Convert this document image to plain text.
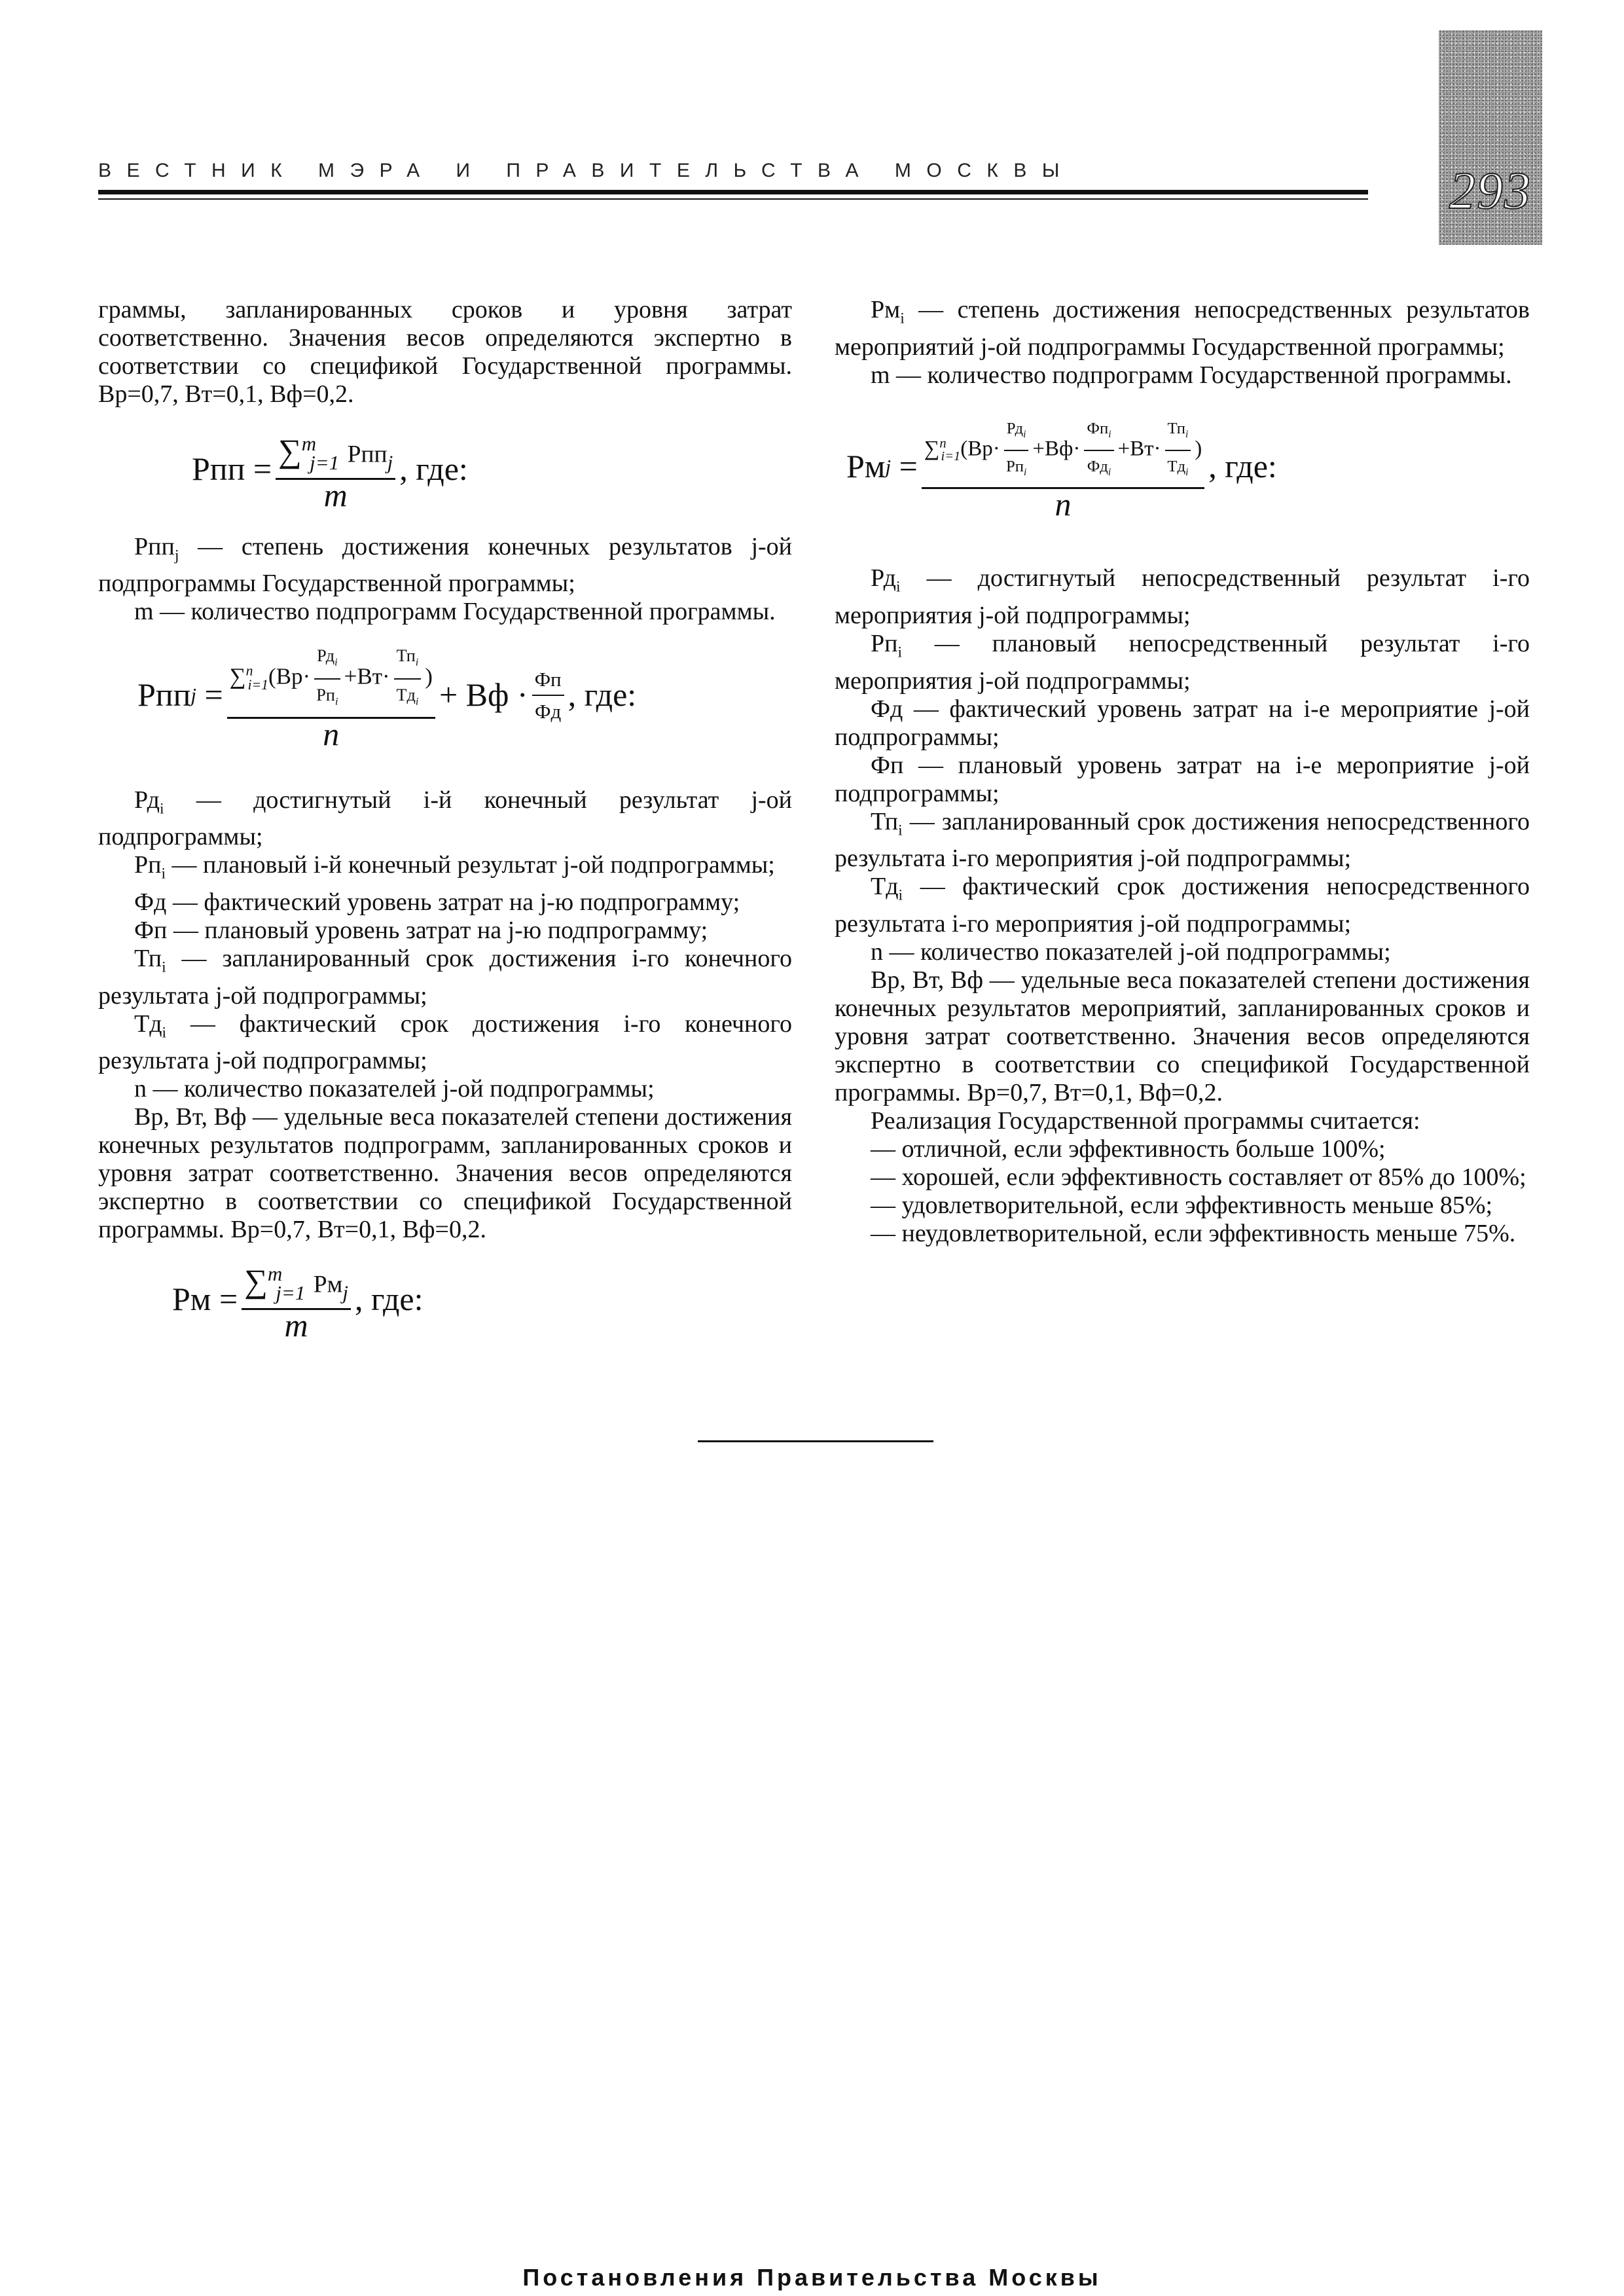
ВЕСТНИК МЭРА И ПРАВИТЕЛЬСТВА МОСКВЫ	293

граммы, запланированных сроков и уровня затрат соответственно. Значения весов определяются экспертно в соответствии со спецификой Государственной программы. Вр=0,7, Вт=0,1, Вф=0,2.

Рпп
= $\frac{\sum^m_{j=1} Рпп_j}{m}$ , где:

Рпп$_j$ — степень достижения конечных результатов j-ой подпрограммы Государственной программы;

m — количество подпрограмм Государственной программы.

Рпп j
= $\frac{\sum^n_{i=1}(Вр\cdot \frac{Рд_i}{Рп_i} +Вт\cdot \frac{Тп_i}{Тд_i} )}{n}$ + Вф · $\frac{Фп}{Фд}$ , где:

$Рд_i$ — достигнутый i-й конечный результат j-ой подпрограммы;

$Рп_i$ — плановый i-й конечный результат j-ой подпрограммы;

Фд — фактический уровень затрат на j-ю подпрограмму;

Фп — плановый уровень затрат на j-ю подпрограмму;

$Тп_i$ — запланированный срок достижения i-го конечного результата j-ой подпрограммы;

$Тд_i$ — фактический срок достижения i-го конечного результата j-ой подпрограммы;

n — количество показателей j-ой подпрограммы;

Вр, Вт, Вф — удельные веса показателей степени достижения конечных результатов подпрограмм, запланированных сроков и уровня затрат соответственно. Значения весов определяются экспертно в соответствии со спецификой Государственной программы. Вр=0,7, Вт=0,1, Вф=0,2.

Рм
= $\frac{\sum^m_{j=1} Рм_j}{m}$ , где:

$Рм_i$ — степень достижения непосредственных результатов мероприятий j-ой подпрограммы Государственной программы;

m — количество подпрограмм Государственной программы.

Рм j
= $\frac{\sum^n_{i=1}(Вр\cdot \frac{Рд_i}{Рп_i} +Вф\cdot \frac{Фп_i}{Фд_i} +Вт\cdot \frac{Тп_i}{Тд_i} )}{n}$ , где:

$Рд_i$ — достигнутый непосредственный результат i-го мероприятия j-ой подпрограммы;

$Рп_i$ — плановый непосредственный результат i-го мероприятия j-ой подпрограммы;

Фд — фактический уровень затрат на i-е мероприятие j-ой подпрограммы;

Фп — плановый уровень затрат на i-е мероприятие j-ой подпрограммы;

$Тп_i$ — запланированный срок достижения непосредственного результата i-го мероприятия j-ой подпрограммы;

$Тд_i$ — фактический срок достижения непосредственного результата i-го мероприятия j-ой подпрограммы;

n — количество показателей j-ой подпрограммы;

Вр, Вт, Вф — удельные веса показателей степени достижения конечных результатов мероприятий, запланированных сроков и уровня затрат соответственно. Значения весов определяются экспертно в соответствии со спецификой Государственной программы. Вр=0,7, Вт=0,1, Вф=0,2.

Реализация Государственной программы считается:

— отличной, если эффективность больше 100%;

— хорошей, если эффективность составляет от 85% до 100%;

— удовлетворительной, если эффективность меньше 85%;

— неудовлетворительной, если эффективность меньше 75%.

Постановления Правительства Москвы
